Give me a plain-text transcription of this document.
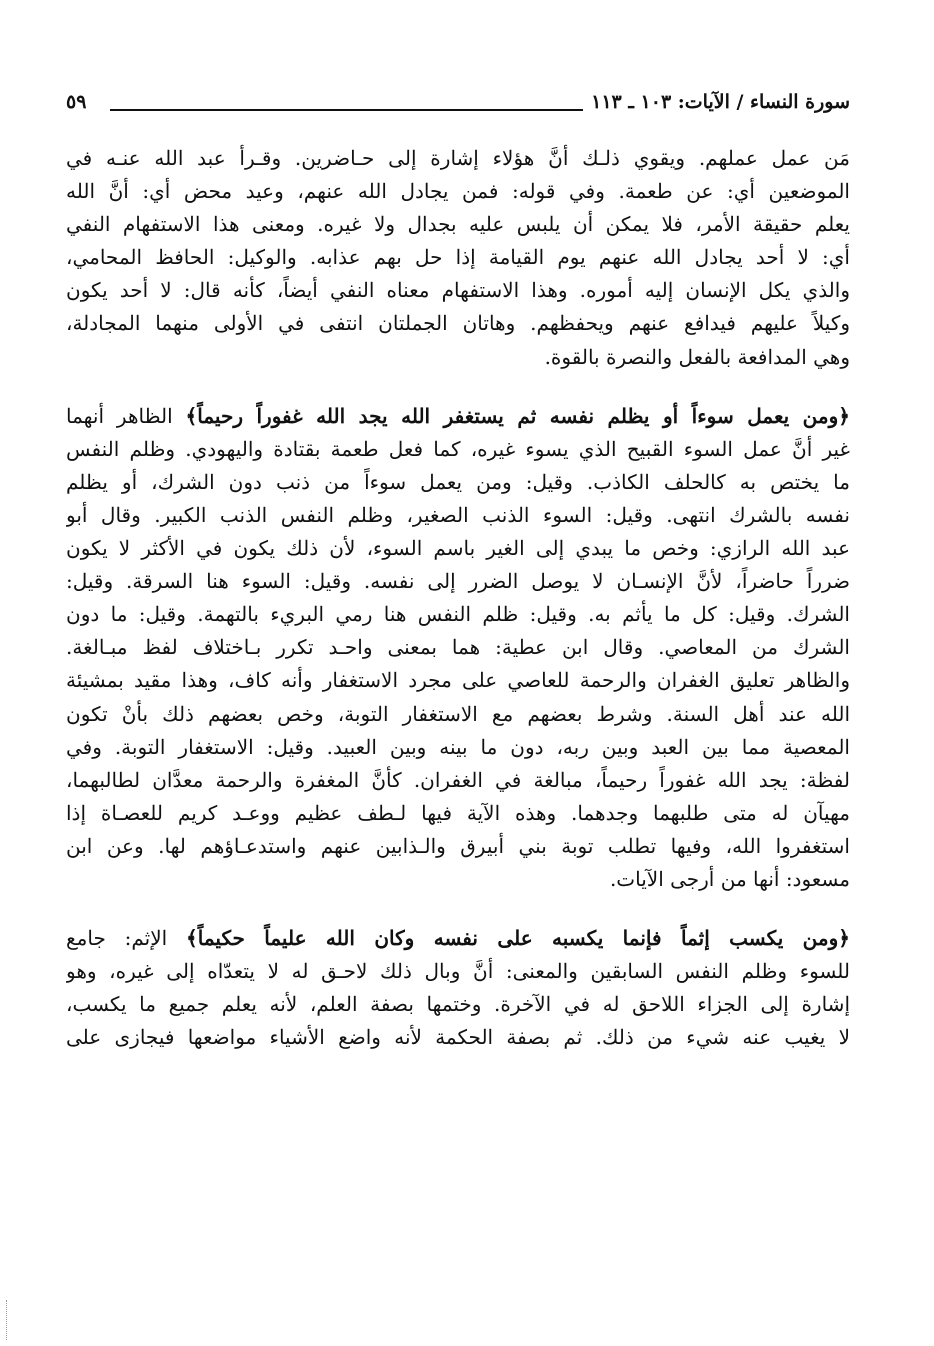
سورة النساء / الآيات: ١٠٣ ـ ١١٣
٥٩
مَن عمل عملهم. ويقوي ذلـك أنَّ هؤلاء إشارة إلى حـاضرين. وقـرأ عبد الله عنـه في
الموضعين أي: عن طعمة. وفي قوله: فمن يجادل الله عنهم، وعيد محض أي: أنَّ الله
يعلم حقيقة الأمر، فلا يمكن أن يلبس عليه بجدال ولا غيره. ومعنى هذا الاستفهام النفي
أي: لا أحد يجادل الله عنهم يوم القيامة إذا حل بهم عذابه. والوكيل: الحافظ المحامي،
والذي يكل الإنسان إليه أموره. وهذا الاستفهام معناه النفي أيضاً، كأنه قال: لا أحد يكون
وكيلاً عليهم فيدافع عنهم ويحفظهم. وهاتان الجملتان انتفى في الأولى منهما المجادلة،
وهي المدافعة بالفعل والنصرة بالقوة.
﴿ومن يعمل سوءاً أو يظلم نفسه ثم يستغفر الله يجد الله غفوراً رحيماً﴾ الظاهر أنهما
غير أنَّ عمل السوء القبيح الذي يسوء غيره، كما فعل طعمة بقتادة واليهودي. وظلم النفس
ما يختص به كالحلف الكاذب. وقيل: ومن يعمل سوءاً من ذنب دون الشرك، أو يظلم
نفسه بالشرك انتهى. وقيل: السوء الذنب الصغير، وظلم النفس الذنب الكبير. وقال أبو
عبد الله الرازي: وخص ما يبدي إلى الغير باسم السوء، لأن ذلك يكون في الأكثر لا يكون
ضرراً حاضراً، لأنَّ الإنسـان لا يوصل الضرر إلى نفسه. وقيل: السوء هنا السرقة. وقيل:
الشرك. وقيل: كل ما يأثم به. وقيل: ظلم النفس هنا رمي البريء بالتهمة. وقيل: ما دون
الشرك من المعاصي. وقال ابن عطية: هما بمعنى واحـد تكرر بـاختلاف لفظ مبـالغة.
والظاهر تعليق الغفران والرحمة للعاصي على مجرد الاستغفار وأنه كاف، وهذا مقيد بمشيئة
الله عند أهل السنة. وشرط بعضهم مع الاستغفار التوبة، وخص بعضهم ذلك بأنْ تكون
المعصية مما بين العبد وبين ربه، دون ما بينه وبين العبيد. وقيل: الاستغفار التوبة. وفي
لفظة: يجد الله غفوراً رحيماً، مبالغة في الغفران. كأنَّ المغفرة والرحمة معدَّان لطالبهما،
مهيآن له متى طلبهما وجدهما. وهذه الآية فيها لـطف عظيم ووعـد كريم للعصـاة إذا
استغفروا الله، وفيها تطلب توبة بني أبيرق والـذابين عنهم واستدعـاؤهم لها. وعن ابن
مسعود: أنها من أرجى الآيات.
﴿ومن يكسب إثماً فإنما يكسبه على نفسه وكان الله عليماً حكيماً﴾ الإثم: جامع
للسوء وظلم النفس السابقين والمعنى: أنَّ وبال ذلك لاحـق له لا يتعدّاه إلى غيره، وهو
إشارة إلى الجزاء اللاحق له في الآخرة. وختمها بصفة العلم، لأنه يعلم جميع ما يكسب،
لا يغيب عنه شيء من ذلك. ثم بصفة الحكمة لأنه واضع الأشياء مواضعها فيجازى على
